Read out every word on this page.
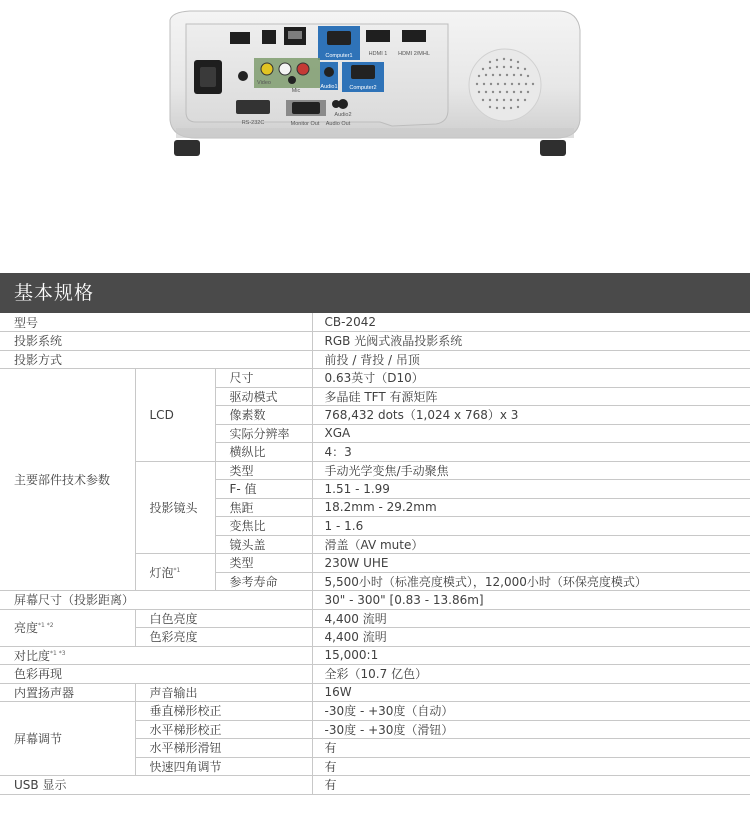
Computer1	HDMI 1 HDMI 2/MHL
Video
Mic
Audio1 Computer2
Audio2
RS-232C	Monitor Out Audio Out
基本规格
型号			CB-2042
投影系统			RGB 光阀式液晶投影系统
投影方式			前投 / 背投 / 吊顶
主要部件技术参数	LCD	尺寸	0.63英寸（D10）
		驱动模式	多晶硅 TFT 有源矩阵
		像素数	768,432 dots（1,024 x 768）x 3
		实际分辨率	XGA
		横纵比	4：3
	投影镜头	类型	手动光学变焦/手动聚焦
		F- 值	1.51 - 1.99
		焦距	18.2mm - 29.2mm
		变焦比	1 - 1.6
		镜头盖	滑盖（AV mute）
	灯泡$^{*1}$	类型	230W UHE
		参考寿命	5,500小时（标准亮度模式），12,000小时（环保亮度模式）
屏幕尺寸（投影距离）			30" - 300" [0.83 - 13.86m]
亮度$^{*1 *2}$	白色亮度		4,400 流明
	色彩亮度		4,400 流明
对比度$^{*1 *3}$			15,000:1
色彩再现			全彩（10.7 亿色）
内置扬声器	声音输出		16W
屏幕调节	垂直梯形校正		-30度 - +30度（自动）
	水平梯形校正		-30度 - +30度（滑钮）
	水平梯形滑钮		有
	快速四角调节		有
USB 显示			有
